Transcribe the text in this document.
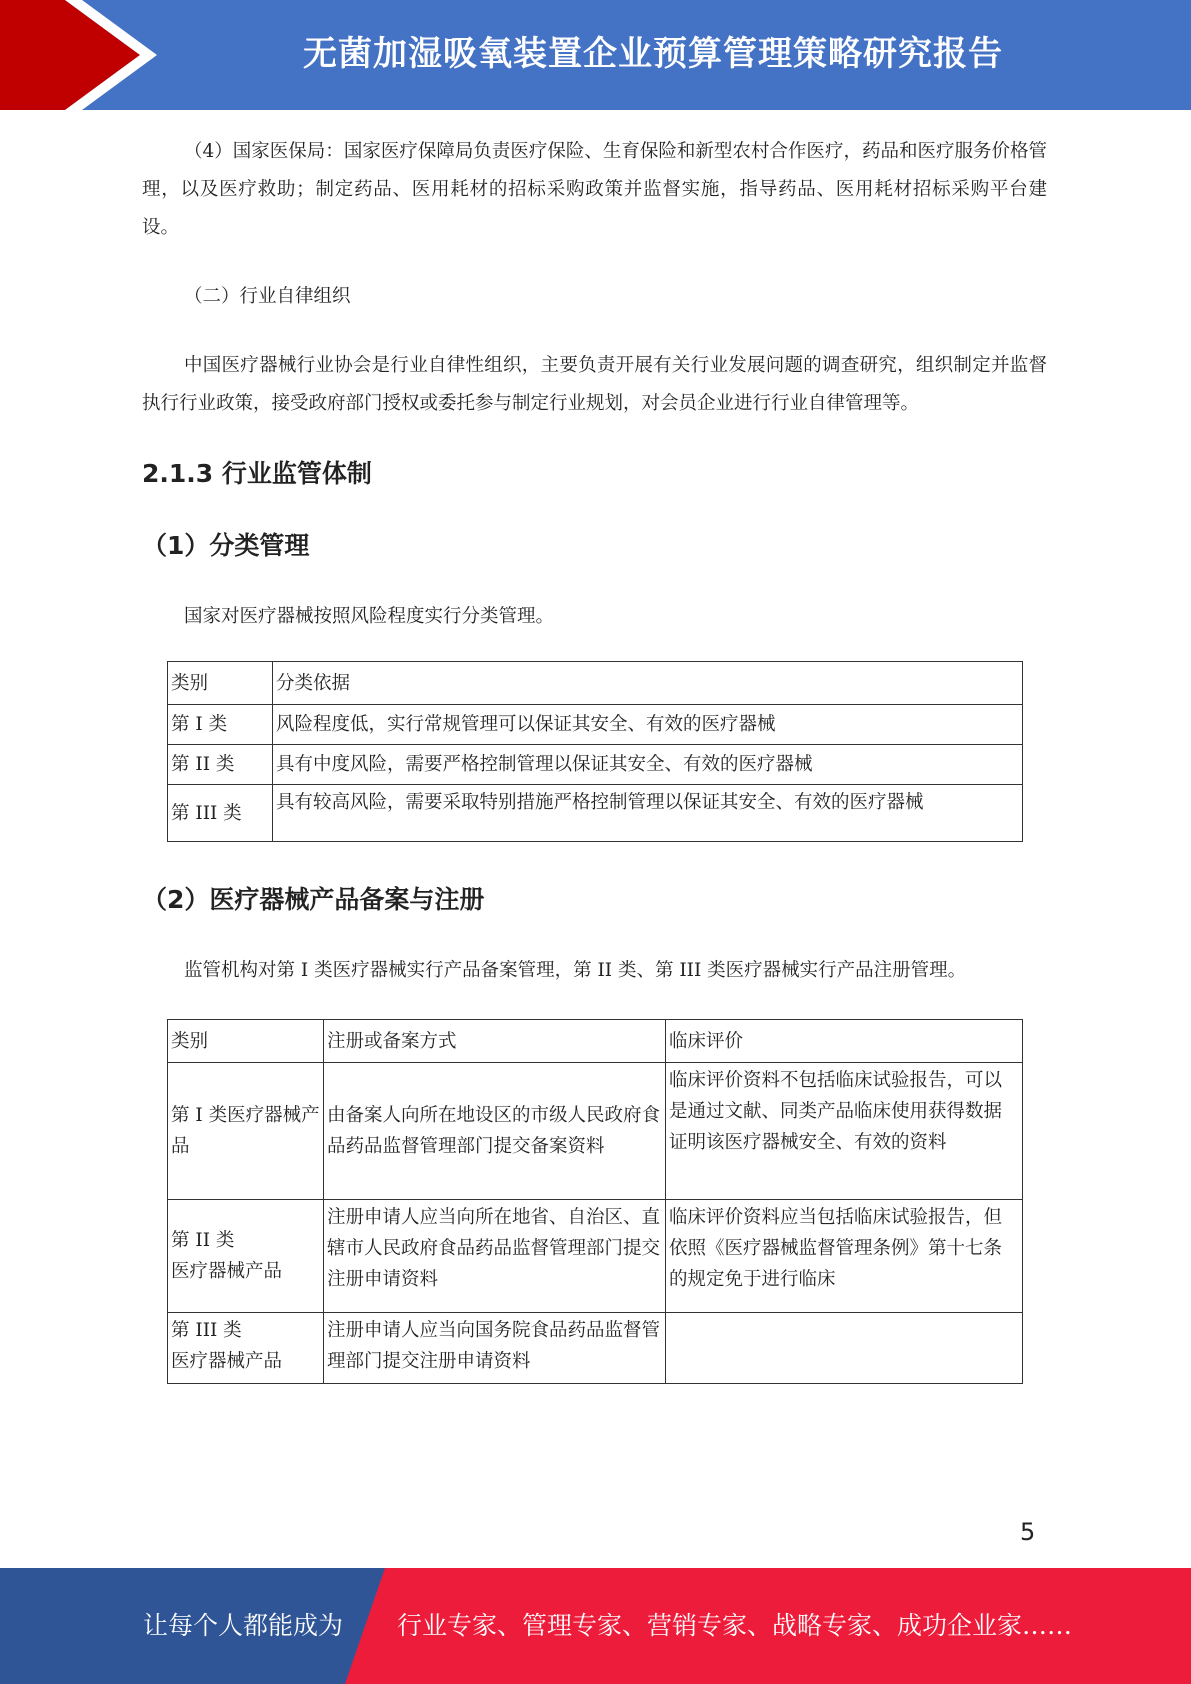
无菌加湿吸氧装置企业预算管理策略研究报告

（4）国家医保局：国家医疗保障局负责医疗保险、生育保险和新型农村合作医疗，药品和医疗服务价格管理，以及医疗救助；制定药品、医用耗材的招标采购政策并监督实施，指导药品、医用耗材招标采购平台建设。

（二）行业自律组织

中国医疗器械行业协会是行业自律性组织，主要负责开展有关行业发展问题的调查研究，组织制定并监督执行行业政策，接受政府部门授权或委托参与制定行业规划，对会员企业进行行业自律管理等。

2.1.3 行业监管体制
（1）分类管理

国家对医疗器械按照风险程度实行分类管理。

类别	分类依据
第 I 类	风险程度低，实行常规管理可以保证其安全、有效的医疗器械
第 II 类	具有中度风险，需要严格控制管理以保证其安全、有效的医疗器械
第 III 类	具有较高风险，需要采取特别措施严格控制管理以保证其安全、有效的医疗器械
（2）医疗器械产品备案与注册

监管机构对第 I 类医疗器械实行产品备案管理，第 II 类、第 III 类医疗器械实行产品注册管理。

类别	注册或备案方式	临床评价
第 I 类医疗器械产品	由备案人向所在地设区的市级人民政府食品药品监督管理部门提交备案资料	临床评价资料不包括临床试验报告，可以是通过文献、同类产品临床使用获得数据证明该医疗器械安全、有效的资料
第 II 类
医疗器械产品	注册申请人应当向所在地省、自治区、直辖市人民政府食品药品监督管理部门提交注册申请资料	临床评价资料应当包括临床试验报告，但依照《医疗器械监督管理条例》第十七条的规定免于进行临床
第 III 类
医疗器械产品	注册申请人应当向国务院食品药品监督管理部门提交注册申请资料	
5
让每个人都能成为 行业专家、管理专家、营销专家、战略专家、成功企业家……
